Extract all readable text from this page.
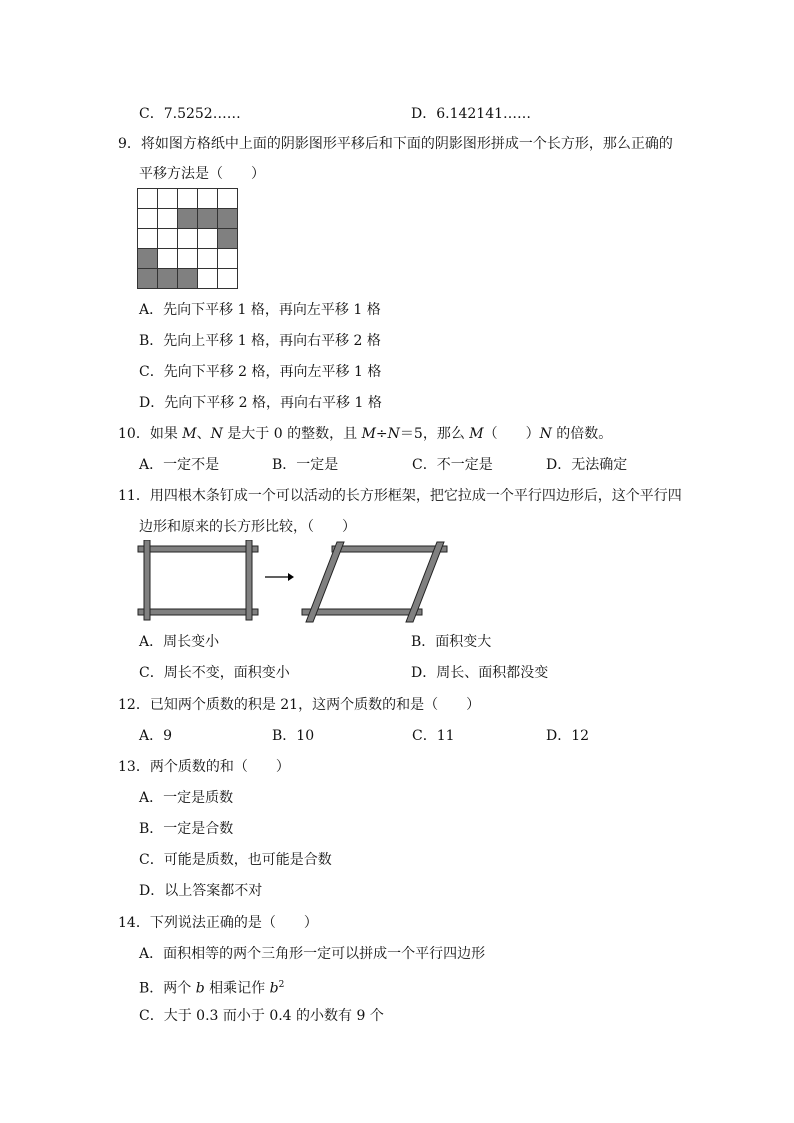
C．7.5252……	D．6.142141……
9．将如图方格纸中上面的阴影图形平移后和下面的阴影图形拼成一个长方形，那么正确的
平移方法是（　　）
A．先向下平移 1 格，再向左平移 1 格
B．先向上平移 1 格，再向右平移 2 格
C．先向下平移 2 格，再向左平移 1 格
D．先向下平移 2 格，再向右平移 1 格
10．如果 M、N 是大于 0 的整数，且 M÷N＝5，那么 M（　　）N 的倍数。
A．一定不是	B．一定是	C．不一定是	D．无法确定
11．用四根木条钉成一个可以活动的长方形框架，把它拉成一个平行四边形后，这个平行四
边形和原来的长方形比较，（　　）
A．周长变小	B．面积变大
C．周长不变，面积变小	D．周长、面积都没变
12．已知两个质数的积是 21，这两个质数的和是（　　）
A．9	B．10	C．11	D．12
13．两个质数的和（　　）
A．一定是质数
B．一定是合数
C．可能是质数，也可能是合数
D．以上答案都不对
14．下列说法正确的是（　　）
A．面积相等的两个三角形一定可以拼成一个平行四边形
B．两个 b 相乘记作 $b^2$
C．大于 0.3 而小于 0.4 的小数有 9 个
